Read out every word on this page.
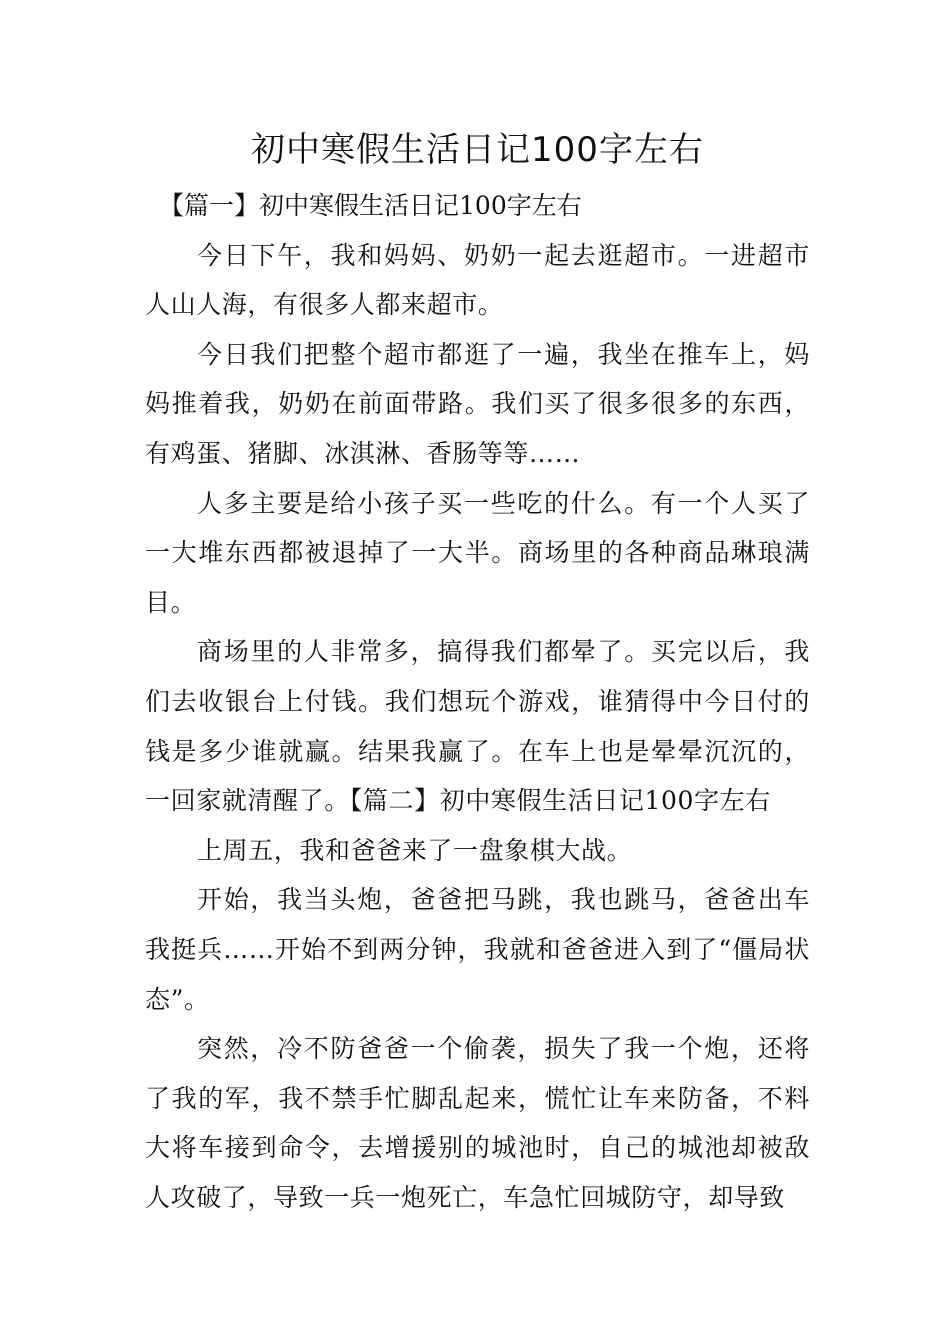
初中寒假生活日记100字左右

【篇一】初中寒假生活日记100字左右

今日下午，我和妈妈、奶奶一起去逛超市。一进超市人山人海，有很多人都来超市。

今日我们把整个超市都逛了一遍，我坐在推车上，妈妈推着我，奶奶在前面带路。我们买了很多很多的东西，有鸡蛋、猪脚、冰淇淋、香肠等等……

人多主要是给小孩子买一些吃的什么。有一个人买了一大堆东西都被退掉了一大半。商场里的各种商品琳琅满目。

商场里的人非常多，搞得我们都晕了。买完以后，我们去收银台上付钱。我们想玩个游戏，谁猜得中今日付的钱是多少谁就赢。结果我赢了。在车上也是晕晕沉沉的，一回家就清醒了。【篇二】初中寒假生活日记100字左右

上周五，我和爸爸来了一盘象棋大战。

开始，我当头炮，爸爸把马跳，我也跳马，爸爸出车我挺兵……开始不到两分钟，我就和爸爸进入到了“僵局状态”。

突然，冷不防爸爸一个偷袭，损失了我一个炮，还将了我的军，我不禁手忙脚乱起来，慌忙让车来防备，不料大将车接到命令，去增援别的城池时，自己的城池却被敌人攻破了，导致一兵一炮死亡，车急忙回城防守，却导致
